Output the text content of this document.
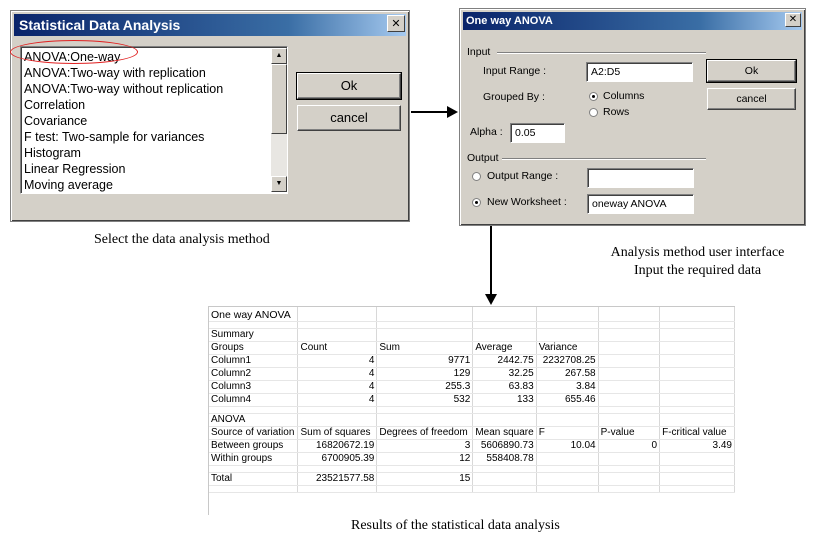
Statistical Data Analysis	✕
ANOVA:One-way
ANOVA:Two-way with replication
ANOVA:Two-way without replication
Correlation
Covariance
F test: Two-sample for variances
Histogram
Linear Regression
Moving average
▲
▼
Ok
cancel
One way ANOVA	✕
Input
Input Range :	A2:D5
Grouped By :	Columns
Rows
Alpha :	0.05
Output
Output Range :
New Worksheet :	oneway ANOVA
Ok
cancel
Select the data analysis method
Analysis method user interface
Input the required data
Results of the statistical data analysis
One way ANOVA						

Summary						
Groups	Count	Sum	Average	Variance		
Column1	4	9771	2442.75	2232708.25		
Column2	4	129	32.25	267.58		
Column3	4	255.3	63.83	3.84		
Column4	4	532	133	655.46		

ANOVA						
Source of variation	Sum of squares	Degrees of freedom	Mean square	F	P-value	F-critical value
Between groups	16820672.19	3	5606890.73	10.04	0	3.49
Within groups	6700905.39	12	558408.78			

Total	23521577.58	15				
